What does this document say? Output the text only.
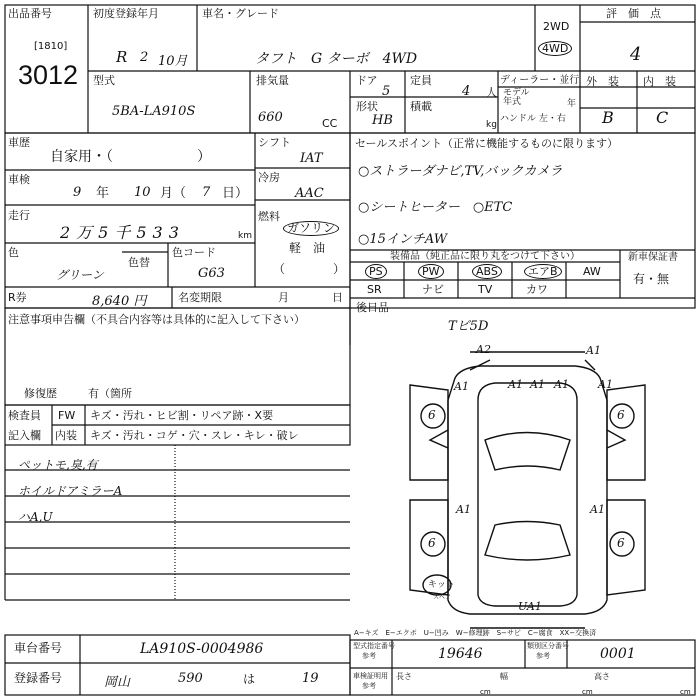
出品番号
[1810]
3012
初度登録年月
R 2 10月
車名・グレード
タフト　G ターボ　4WD
2WD
4WD
評　価　点
4
型式
5BA-LA910S
排気量
660	CC
ドア
5
定員
4 人
ディーラー・並行
モデル
年式	年
形状
HB
積載
kg
ハンドル 左・右
外　装 内　装
B	C
車歴
自家用・（　　　　　　）
車検
9 年 10 月（ 7 日）
走行
2万5千533	km
色
グリーン
色替
色コード
G63
シフト
IAT
冷房
AAC
燃料
ガソリン
軽　油
（　　　　）
R券	8,640 円	名変期限	月	日
セールスポイント（正常に機能するものに限ります）
○ストラーダナビ,TV,バックカメラ
○シートヒーター　○ETC
○15インチAW
装備品（純正品に限り丸をつけて下さい）
PS	PW	ABS	エアB	AW
SR	ナビ	TV	カワ
新車保証書
有・無
後日品
Tビ5D
注意事項申告欄（不具合内容等は具体的に記入して下さい）
修復歴	有（箇所
検査員
記入欄
FW キズ・汚れ・ヒビ割・リペア跡・X要
内装 キズ・汚れ・コゲ・穴・スレ・キレ・破レ
ペットモ,臭,有
ホイルドアミラーA
ハA,U
A2	A1
A1	A1 A1 A1	A1
6	6
A1	A1
6	6
UA1
キット
スペア
A−キズ　E−エクボ　U−凹み　W−修理跡　S−サビ　C−腐食　XX−交換済
車台番号	LA910S-0004986
登録番号	岡山	590	は	19
型式指定番号
参考	19646	類別区分番号
参考	0001
車検証明用
参考
長さ
cm
幅
cm
高さ
cm
